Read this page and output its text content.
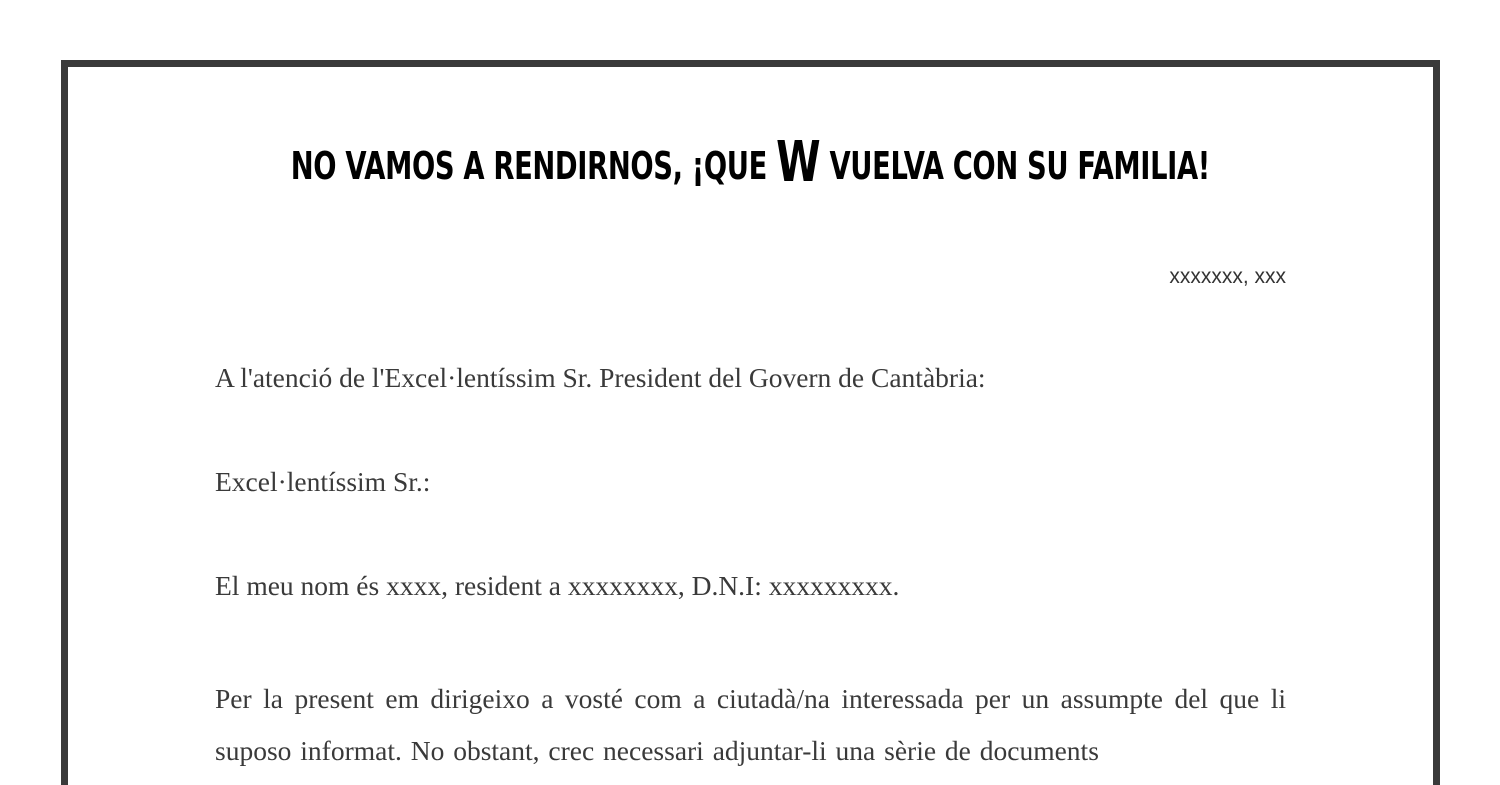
NO VAMOS A RENDIRNOS, ¡QUE W VUELVA CON SU FAMILIA!
xxxxxxx, xxx
A l'atenció de l'Excel·lentíssim Sr. President del Govern de Cantàbria:
Excel·lentíssim Sr.:
El meu nom és xxxx, resident a xxxxxxxx, D.N.I: xxxxxxxxx.
Per la present em dirigeixo a vosté com a ciutadà/na interessada per un assumpte del que li suposo informat. No obstant, crec necessari adjuntar-li una sèrie de documents
